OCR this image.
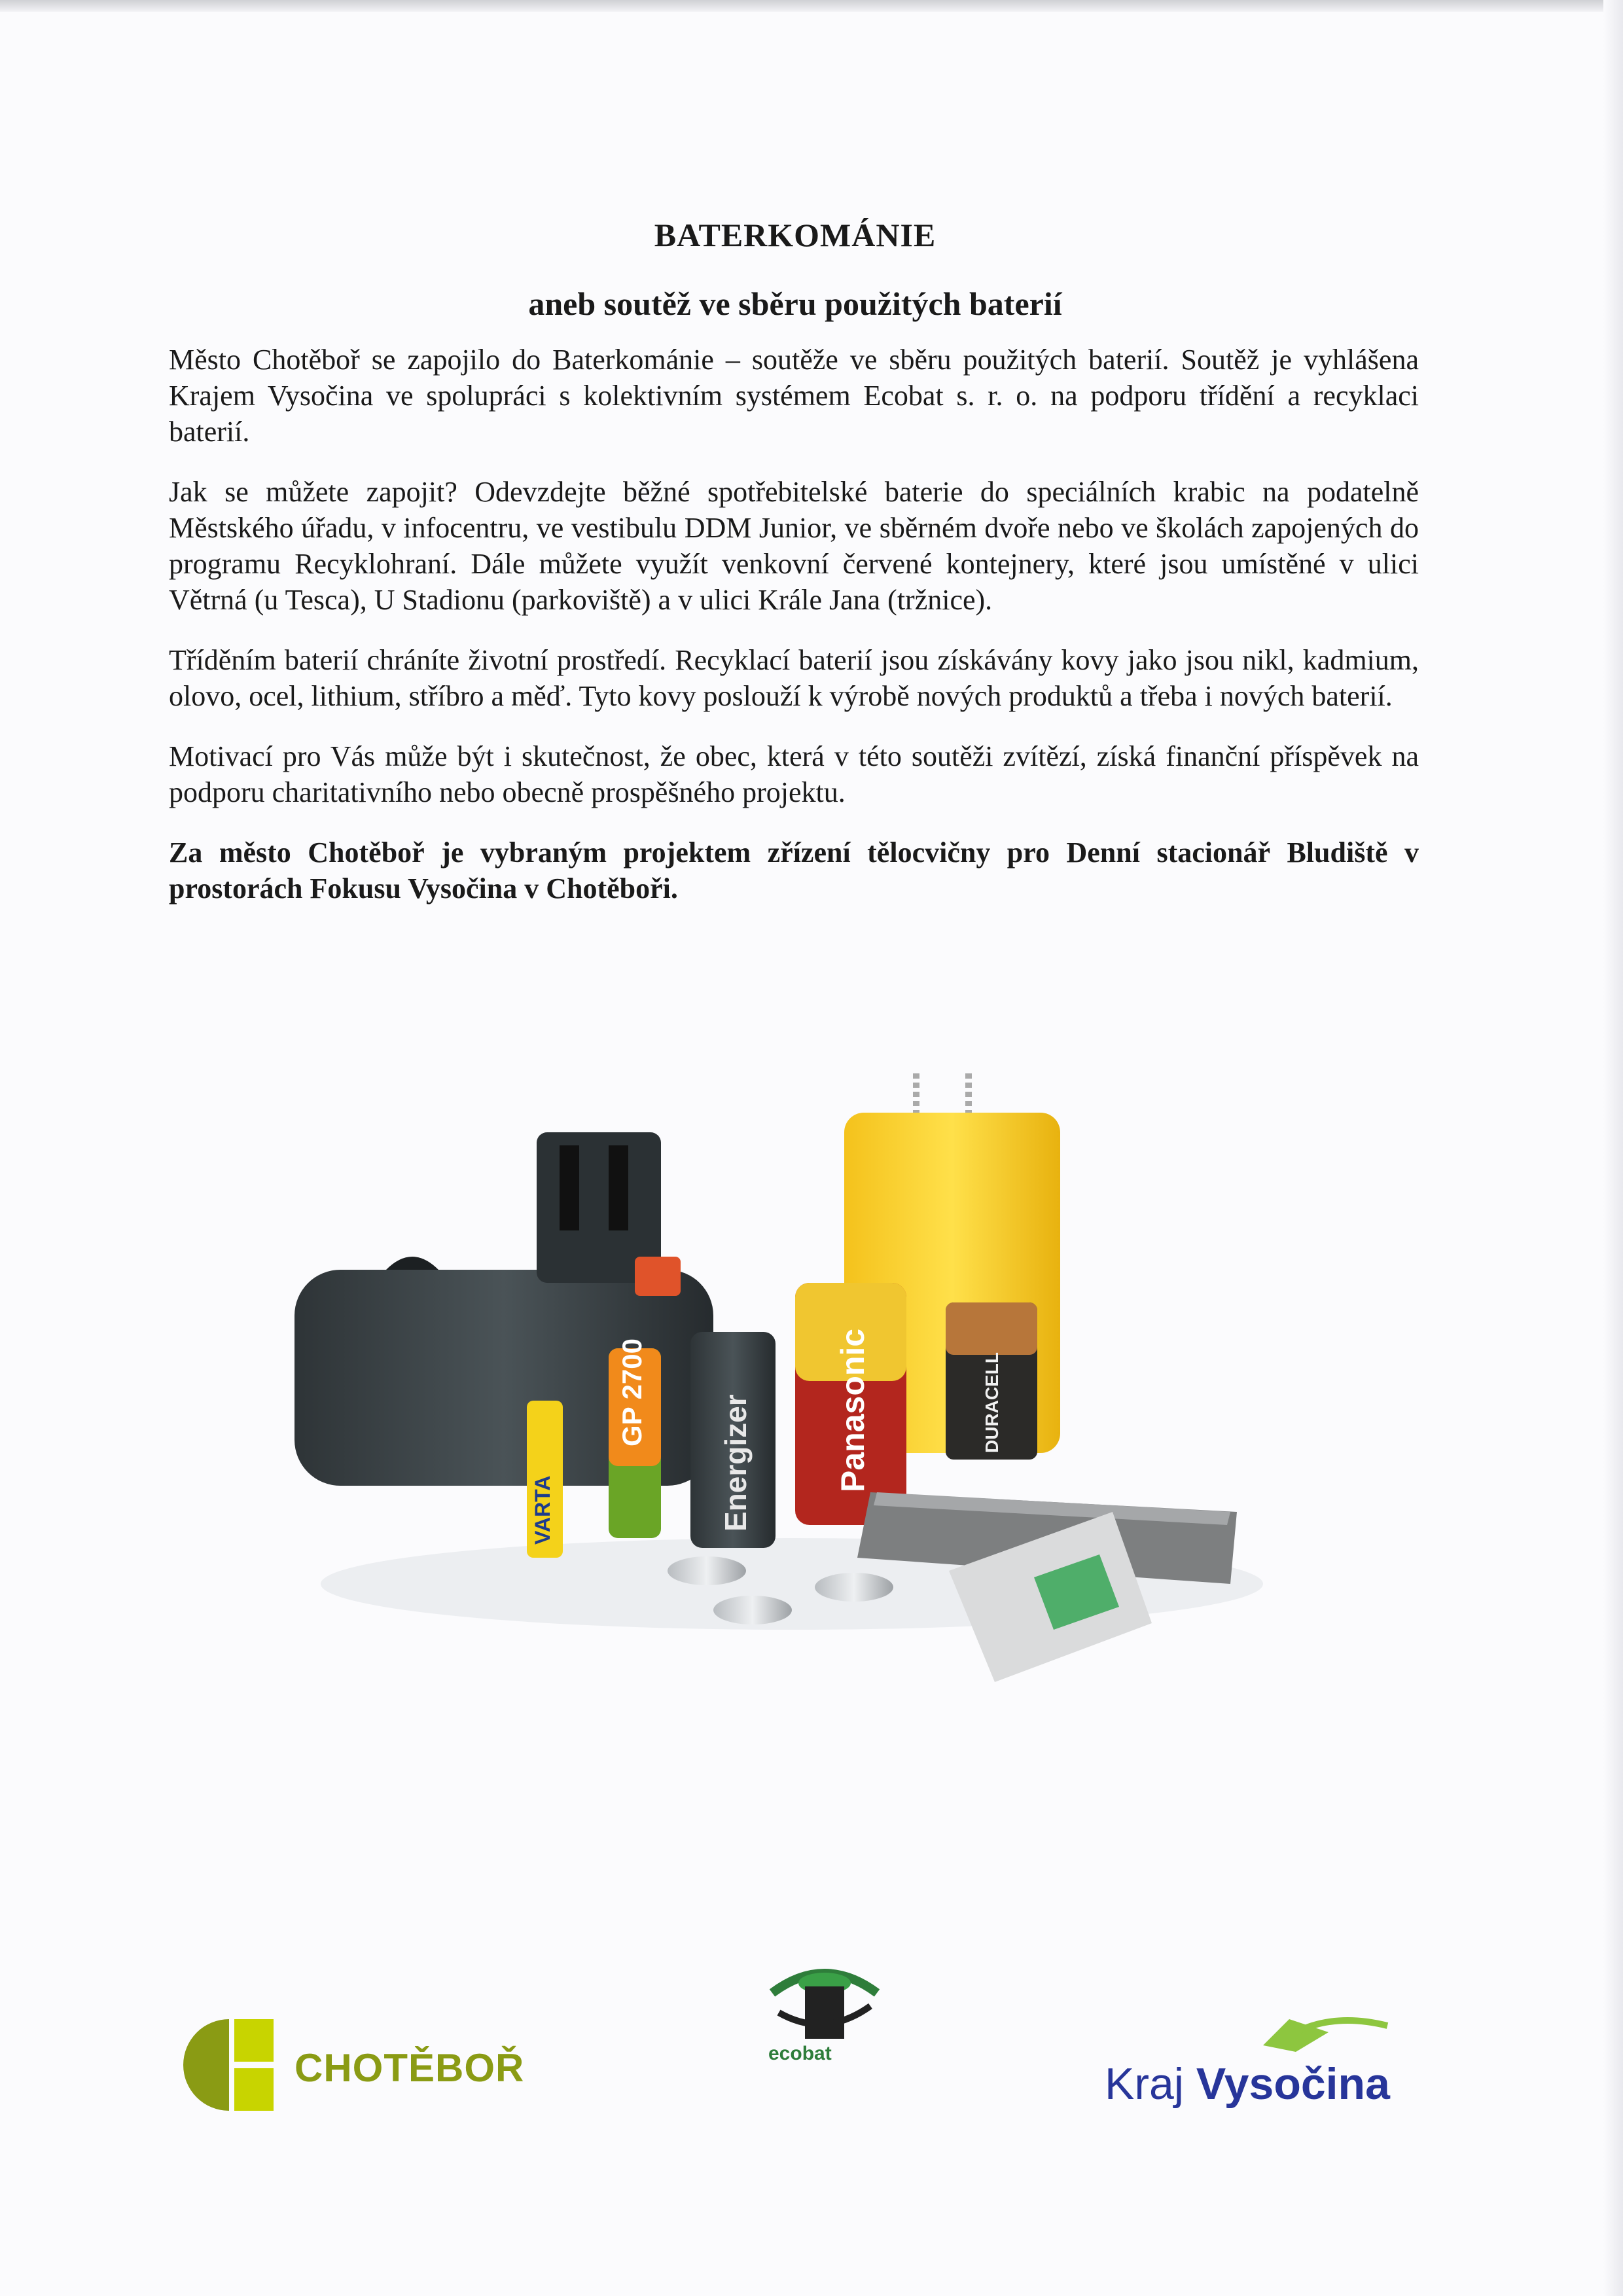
BATERKOMÁNIE
aneb soutěž ve sběru použitých baterií

Město Chotěboř se zapojilo do Baterkománie – soutěže ve sběru použitých baterií. Soutěž je vyhlášena Krajem Vysočina ve spolupráci s kolektivním systémem Ecobat s. r. o. na podporu třídění a recyklaci baterií.

Jak se můžete zapojit? Odevzdejte běžné spotřebitelské baterie do speciálních krabic na podatelně Městského úřadu, v infocentru, ve vestibulu DDM Junior, ve sběrném dvoře nebo ve školách zapojených do programu Recyklohraní. Dále můžete využít venkovní červené kontejnery, které jsou umístěné v ulici Větrná (u Tesca), U Stadionu (parkoviště) a v ulici Krále Jana (tržnice).

Tříděním baterií chráníte životní prostředí. Recyklací baterií jsou získávány kovy jako jsou nikl, kadmium, olovo, ocel, lithium, stříbro a měď. Tyto kovy poslouží k výrobě nových produktů a třeba i nových baterií.

Motivací pro Vás může být i skutečnost, že obec, která v této soutěži zvítězí, získá finanční příspěvek na podporu charitativního nebo obecně prospěšného projektu.

Za město Chotěboř je vybraným projektem zřízení tělocvičny pro Denní stacionář Bludiště v prostorách Fokusu Vysočina v Chotěboři.

GP 2700
VARTA	Energizer	Panasonic	DURACELL
CHOTĚBOŘ	ecobat
Kraj Vysočina
